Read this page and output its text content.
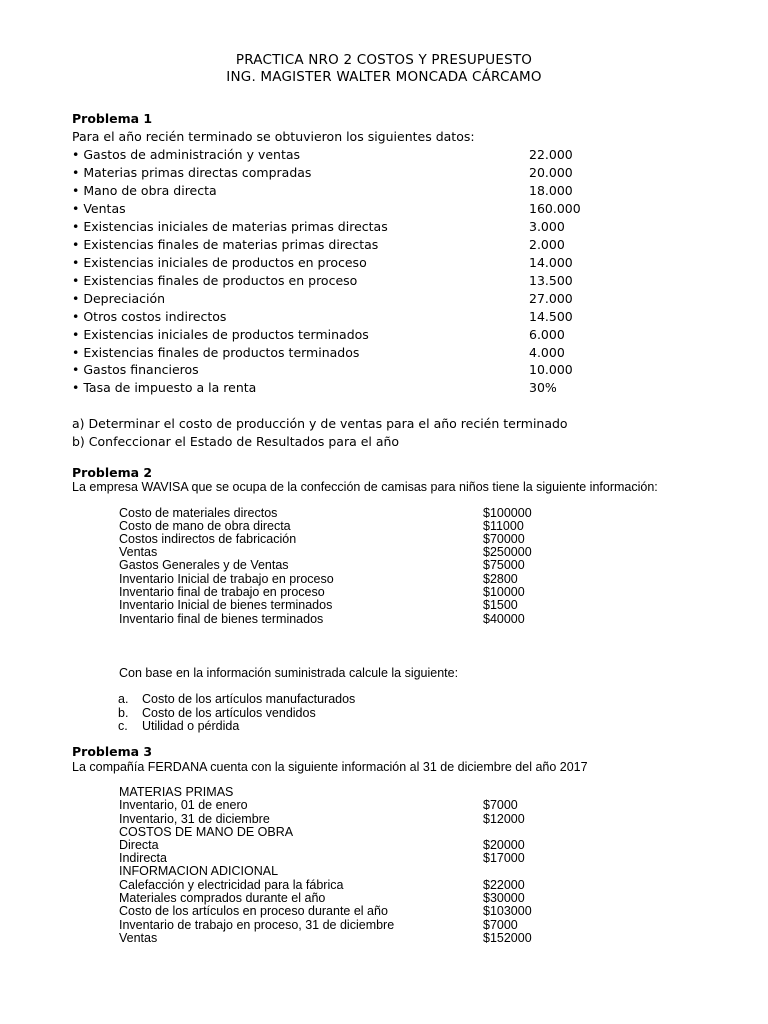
PRACTICA NRO 2 COSTOS Y PRESUPUESTO
ING. MAGISTER WALTER MONCADA CÁRCAMO
Problema 1
Para el año recién terminado se obtuvieron los siguientes datos:
• Gastos de administración y ventas	22.000
• Materias primas directas compradas	20.000
• Mano de obra directa	18.000
• Ventas	160.000
• Existencias iniciales de materias primas directas	3.000
• Existencias finales de materias primas directas	2.000
• Existencias iniciales de productos en proceso	14.000
• Existencias finales de productos en proceso	13.500
• Depreciación	27.000
• Otros costos indirectos	14.500
• Existencias iniciales de productos terminados	6.000
• Existencias finales de productos terminados	4.000
• Gastos financieros	10.000
• Tasa de impuesto a la renta	30%
a) Determinar el costo de producción y de ventas para el año recién terminado
b) Confeccionar el Estado de Resultados para el año
Problema 2
La empresa WAVISA que se ocupa de la confección de camisas para niños tiene la siguiente información:
Costo de materiales directos	$100000
Costo de mano de obra directa	$11000
Costos indirectos de fabricación	$70000
Ventas	$250000
Gastos Generales y de Ventas	$75000
Inventario Inicial de trabajo en proceso	$2800
Inventario final de trabajo en proceso	$10000
Inventario Inicial de bienes terminados	$1500
Inventario final de bienes terminados	$40000
Con base en la información suministrada calcule la siguiente:
a. Costo de los artículos manufacturados
b. Costo de los artículos vendidos
c. Utilidad o pérdida
Problema 3
La compañía FERDANA cuenta con la siguiente información al 31 de diciembre del año 2017
MATERIAS PRIMAS
Inventario, 01 de enero	$7000
Inventario, 31 de diciembre	$12000
COSTOS DE MANO DE OBRA
Directa	$20000
Indirecta	$17000
INFORMACION ADICIONAL
Calefacción y electricidad para la fábrica	$22000
Materiales comprados durante el año	$30000
Costo de los artículos en proceso durante el año	$103000
Inventario de trabajo en proceso, 31 de diciembre	$7000
Ventas	$152000
